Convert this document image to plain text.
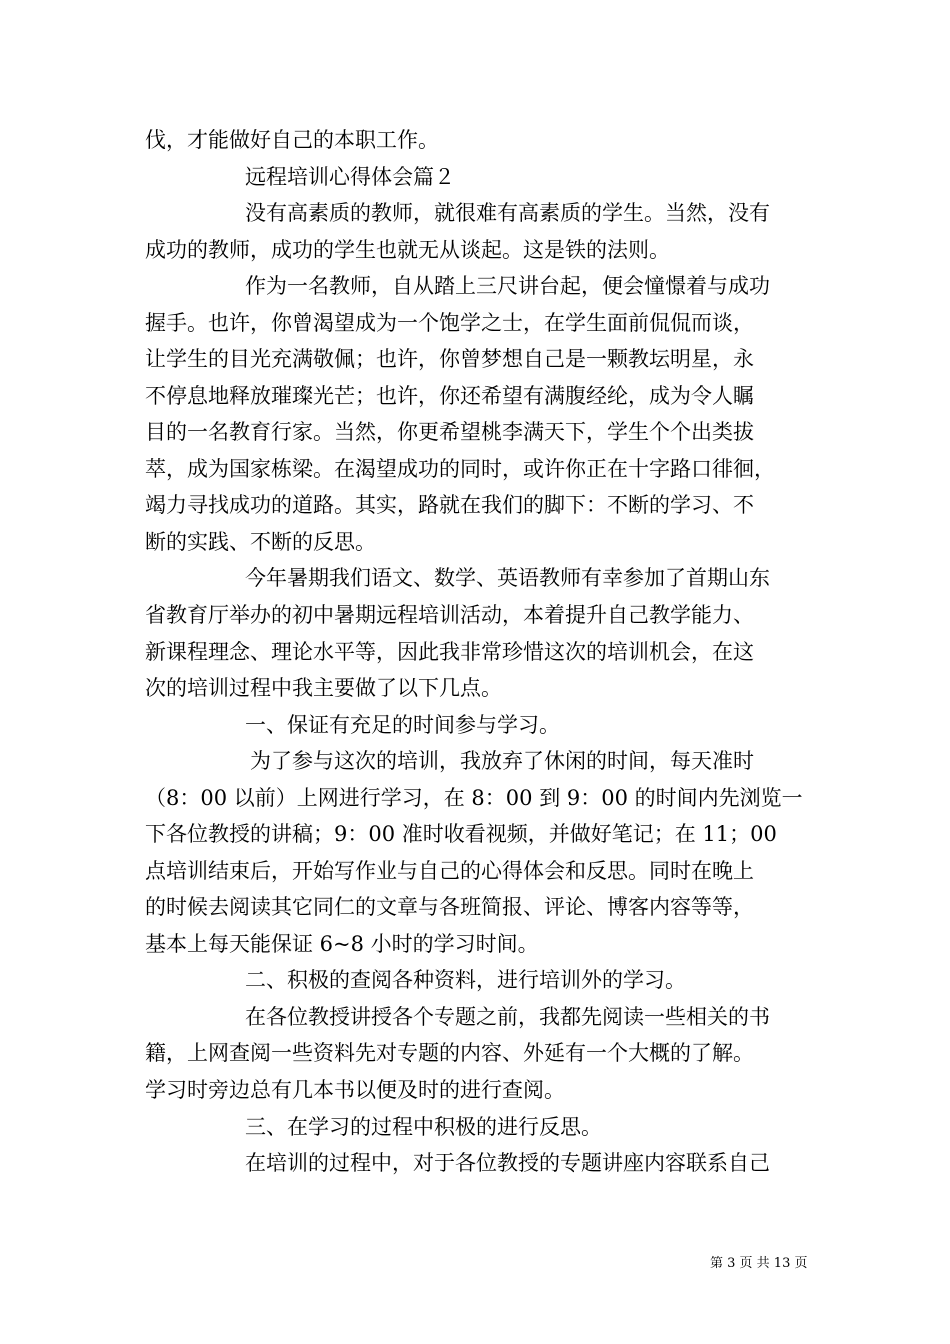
伐，才能做好自己的本职工作。
远程培训心得体会篇２
没有高素质的教师，就很难有高素质的学生。当然，没有
成功的教师，成功的学生也就无从谈起。这是铁的法则。
作为一名教师，自从踏上三尺讲台起，便会憧憬着与成功
握手。也许，你曾渴望成为一个饱学之士，在学生面前侃侃而谈，
让学生的目光充满敬佩；也许，你曾梦想自己是一颗教坛明星，永
不停息地释放璀璨光芒；也许，你还希望有满腹经纶，成为令人瞩
目的一名教育行家。当然，你更希望桃李满天下，学生个个出类拔
萃，成为国家栋梁。在渴望成功的同时，或许你正在十字路口徘徊，
竭力寻找成功的道路。其实，路就在我们的脚下：不断的学习、不
断的实践、不断的反思。
今年暑期我们语文、数学、英语教师有幸参加了首期山东
省教育厅举办的初中暑期远程培训活动，本着提升自己教学能力、
新课程理念、理论水平等，因此我非常珍惜这次的培训机会，在这
次的培训过程中我主要做了以下几点。
一、保证有充足的时间参与学习。
为了参与这次的培训，我放弃了休闲的时间，每天准时
（8：00 以前）上网进行学习，在 8：00 到 9：00 的时间内先浏览一
下各位教授的讲稿；9：00 准时收看视频，并做好笔记；在 11；00
点培训结束后，开始写作业与自己的心得体会和反思。同时在晚上
的时候去阅读其它同仁的文章与各班简报、评论、博客内容等等，
基本上每天能保证 6~8 小时的学习时间。
二、积极的查阅各种资料，进行培训外的学习。
在各位教授讲授各个专题之前，我都先阅读一些相关的书
籍，上网查阅一些资料先对专题的内容、外延有一个大概的了解。
学习时旁边总有几本书以便及时的进行查阅。
三、在学习的过程中积极的进行反思。
在培训的过程中，对于各位教授的专题讲座内容联系自己
第 3 页 共 13 页
